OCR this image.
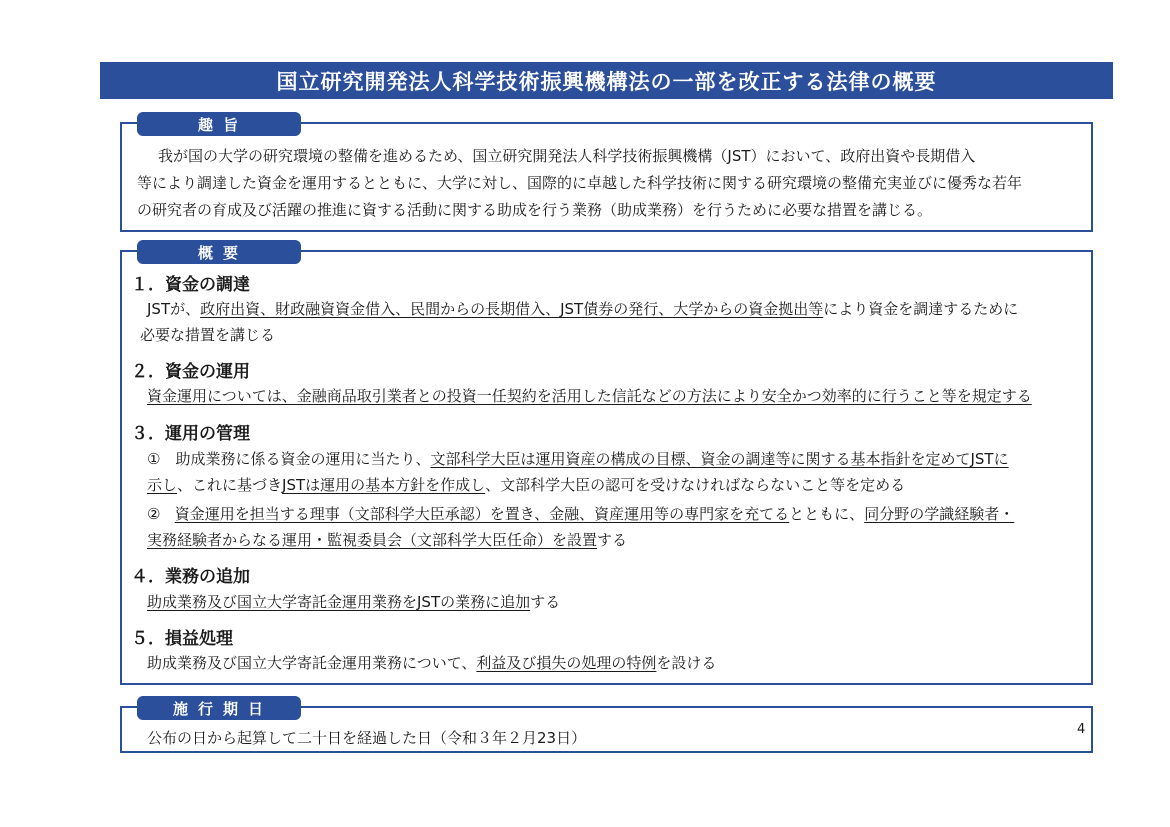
国立研究開発法人科学技術振興機構法の一部を改正する法律の概要
趣旨
我が国の大学の研究環境の整備を進めるため、国立研究開発法人科学技術振興機構（JST）において、政府出資や長期借入
等により調達した資金を運用するとともに、大学に対し、国際的に卓越した科学技術に関する研究環境の整備充実並びに優秀な若年
の研究者の育成及び活躍の推進に資する活動に関する助成を行う業務（助成業務）を行うために必要な措置を講じる。
概要
１．資金の調達
JSTが、政府出資、財政融資資金借入、民間からの長期借入、JST債券の発行、大学からの資金拠出等により資金を調達するために
必要な措置を講じる
２．資金の運用
資金運用については、金融商品取引業者との投資一任契約を活用した信託などの方法により安全かつ効率的に行うこと等を規定する
３．運用の管理
①　助成業務に係る資金の運用に当たり、文部科学大臣は運用資産の構成の目標、資金の調達等に関する基本指針を定めてJSTに
示し、これに基づきJSTは運用の基本方針を作成し、文部科学大臣の認可を受けなければならないこと等を定める
② 資金運用を担当する理事（文部科学大臣承認）を置き、金融、資産運用等の専門家を充てるとともに、同分野の学識経験者・
実務経験者からなる運用・監視委員会（文部科学大臣任命）を設置する
４．業務の追加
助成業務及び国立大学寄託金運用業務をJSTの業務に追加する
５．損益処理
助成業務及び国立大学寄託金運用業務について、利益及び損失の処理の特例を設ける
施行期日
公布の日から起算して二十日を経過した日（令和３年２月23日）	4
